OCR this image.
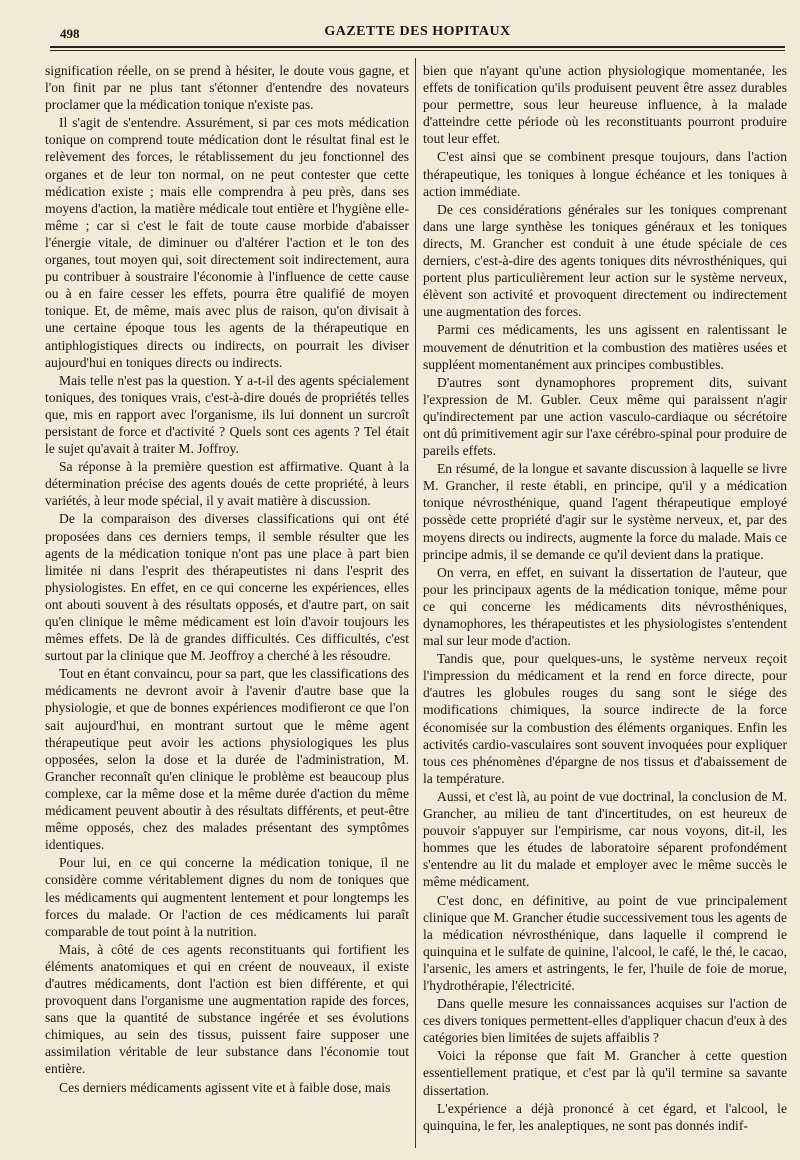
498	GAZETTE DES HOPITAUX

signification réelle, on se prend à hésiter, le doute vous gagne, et l'on finit par ne plus tant s'étonner d'entendre des novateurs proclamer que la médication tonique n'existe pas.

Il s'agit de s'entendre. Assurément, si par ces mots médication tonique on comprend toute médication dont le résultat final est le relèvement des forces, le rétablissement du jeu fonctionnel des organes et de leur ton normal, on ne peut contester que cette médication existe ; mais elle comprendra à peu près, dans ses moyens d'action, la matière médicale tout entière et l'hygiène elle-même ; car si c'est le fait de toute cause morbide d'abaisser l'énergie vitale, de diminuer ou d'altérer l'action et le ton des organes, tout moyen qui, soit directement soit indirectement, aura pu contribuer à soustraire l'économie à l'influence de cette cause ou à en faire cesser les effets, pourra être qualifié de moyen tonique. Et, de même, mais avec plus de raison, qu'on divisait à une certaine époque tous les agents de la thérapeutique en antiphlogistiques directs ou indirects, on pourrait les diviser aujourd'hui en toniques directs ou indirects.

Mais telle n'est pas la question. Y a-t-il des agents spécialement toniques, des toniques vrais, c'est-à-dire doués de propriétés telles que, mis en rapport avec l'organisme, ils lui donnent un surcroît persistant de force et d'activité ? Quels sont ces agents ? Tel était le sujet qu'avait à traiter M. Joffroy.

Sa réponse à la première question est affirmative. Quant à la détermination précise des agents doués de cette propriété, à leurs variétés, à leur mode spécial, il y avait matière à discussion.

De la comparaison des diverses classifications qui ont été proposées dans ces derniers temps, il semble résulter que les agents de la médication tonique n'ont pas une place à part bien limitée ni dans l'esprit des thérapeutistes ni dans l'esprit des physiologistes. En effet, en ce qui concerne les expériences, elles ont abouti souvent à des résultats opposés, et d'autre part, on sait qu'en clinique le même médicament est loin d'avoir toujours les mêmes effets. De là de grandes difficultés. Ces difficultés, c'est surtout par la clinique que M. Jeoffroy a cherché à les résoudre.

Tout en étant convaincu, pour sa part, que les classifications des médicaments ne devront avoir à l'avenir d'autre base que la physiologie, et que de bonnes expériences modifieront ce que l'on sait aujourd'hui, en montrant surtout que le même agent thérapeutique peut avoir les actions physiologiques les plus opposées, selon la dose et la durée de l'administration, M. Grancher reconnaît qu'en clinique le problème est beaucoup plus complexe, car la même dose et la même durée d'action du même médicament peuvent aboutir à des résultats différents, et peut-être même opposés, chez des malades présentant des symptômes identiques.

Pour lui, en ce qui concerne la médication tonique, il ne considère comme véritablement dignes du nom de toniques que les médicaments qui augmentent lentement et pour longtemps les forces du malade. Or l'action de ces médicaments lui paraît comparable de tout point à la nutrition.

Mais, à côté de ces agents reconstituants qui fortifient les éléments anatomiques et qui en créent de nouveaux, il existe d'autres médicaments, dont l'action est bien différente, et qui provoquent dans l'organisme une augmentation rapide des forces, sans que la quantité de substance ingérée et ses évolutions chimiques, au sein des tissus, puissent faire supposer une assimilation véritable de leur substance dans l'économie tout entière.

Ces derniers médicaments agissent vite et à faible dose, mais

bien que n'ayant qu'une action physiologique momentanée, les effets de tonification qu'ils produisent peuvent être assez durables pour permettre, sous leur heureuse influence, à la malade d'atteindre cette période où les reconstituants pourront produire tout leur effet.

C'est ainsi que se combinent presque toujours, dans l'action thérapeutique, les toniques à longue échéance et les toniques à action immédiate.

De ces considérations générales sur les toniques comprenant dans une large synthèse les toniques généraux et les toniques directs, M. Grancher est conduit à une étude spéciale de ces derniers, c'est-à-dire des agents toniques dits névrosthéniques, qui portent plus particulièrement leur action sur le système nerveux, élèvent son activité et provoquent directement ou indirectement une augmentation des forces.

Parmi ces médicaments, les uns agissent en ralentissant le mouvement de dénutrition et la combustion des matières usées et suppléent momentanément aux principes combustibles.

D'autres sont dynamophores proprement dits, suivant l'expression de M. Gubler. Ceux même qui paraissent n'agir qu'indirectement par une action vasculo-cardiaque ou sécrétoire ont dû primitivement agir sur l'axe cérébro-spinal pour produire de pareils effets.

En résumé, de la longue et savante discussion à laquelle se livre M. Grancher, il reste établi, en principe, qu'il y a médication tonique névrosthénique, quand l'agent thérapeutique employé possède cette propriété d'agir sur le système nerveux, et, par des moyens directs ou indirects, augmente la force du malade. Mais ce principe admis, il se demande ce qu'il devient dans la pratique.

On verra, en effet, en suivant la dissertation de l'auteur, que pour les principaux agents de la médication tonique, même pour ce qui concerne les médicaments dits névrosthéniques, dynamophores, les thérapeutistes et les physiologistes s'entendent mal sur leur mode d'action.

Tandis que, pour quelques-uns, le système nerveux reçoit l'impression du médicament et la rend en force directe, pour d'autres les globules rouges du sang sont le siége des modifications chimiques, la source indirecte de la force économisée sur la combustion des éléments organiques. Enfin les activités cardio-vasculaires sont souvent invoquées pour expliquer tous ces phénomènes d'épargne de nos tissus et d'abaissement de la température.

Aussi, et c'est là, au point de vue doctrinal, la conclusion de M. Grancher, au milieu de tant d'incertitudes, on est heureux de pouvoir s'appuyer sur l'empirisme, car nous voyons, dit-il, les hommes que les études de laboratoire séparent profondément s'entendre au lit du malade et employer avec le même succès le même médicament.

C'est donc, en définitive, au point de vue principalement clinique que M. Grancher étudie successivement tous les agents de la médication névrosthénique, dans laquelle il comprend le quinquina et le sulfate de quinine, l'alcool, le café, le thé, le cacao, l'arsenic, les amers et astringents, le fer, l'huile de foie de morue, l'hydrothérapie, l'électricité.

Dans quelle mesure les connaissances acquises sur l'action de ces divers toniques permettent-elles d'appliquer chacun d'eux à des catégories bien limitées de sujets affaiblis ?

Voici la réponse que fait M. Grancher à cette question essentiellement pratique, et c'est par là qu'il termine sa savante dissertation.

L'expérience a déjà prononcé à cet égard, et l'alcool, le quinquina, le fer, les analeptiques, ne sont pas donnés indif-
